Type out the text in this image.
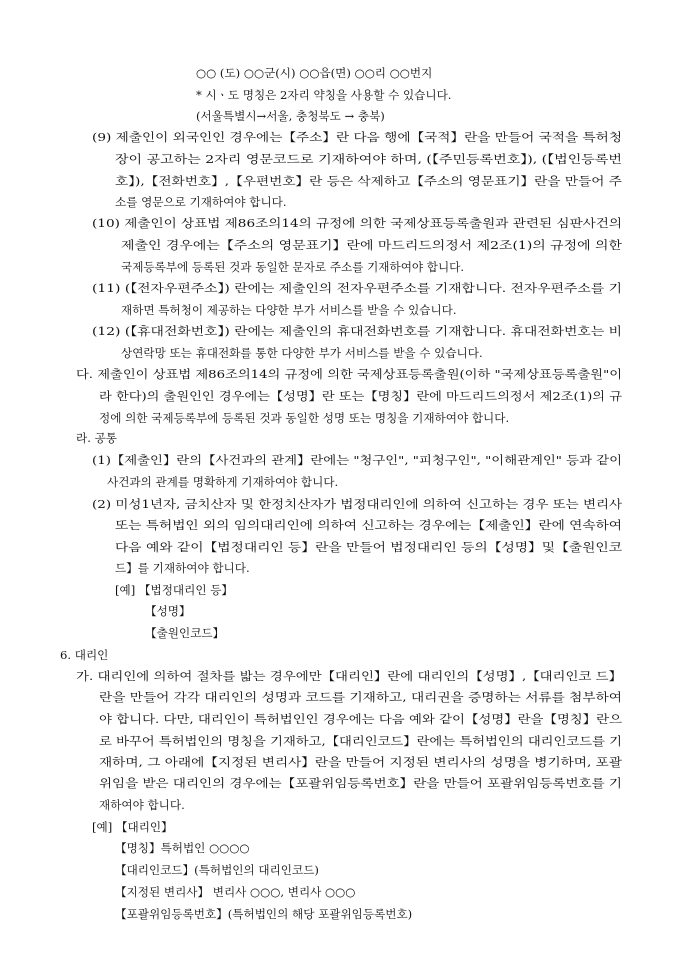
○○ (도) ○○군(시) ○○읍(면) ○○리 ○○번지
* 시ㆍ도 명칭은 2자리 약칭을 사용할 수 있습니다.
(서울특별시→서울, 충청북도 → 충북)
(9) 제출인이 외국인인 경우에는【주소】란 다음 행에【국적】란을 만들어 국적을 특허청
장이 공고하는 2자리 영문코드로 기재하여야 하며, (【주민등록번호】), (【법인등록번
호】),【전화번호】,【우편번호】란 등은 삭제하고【주소의 영문표기】란을 만들어 주
소를 영문으로 기재하여야 합니다.
(10) 제출인이 상표법 제86조의14의 규정에 의한 국제상표등록출원과 관련된 심판사건의
제출인 경우에는【주소의 영문표기】란에 마드리드의정서 제2조(1)의 규정에 의한
국제등록부에 등록된 것과 동일한 문자로 주소를 기재하여야 합니다.
(11) (【전자우편주소】) 란에는 제출인의 전자우편주소를 기재합니다. 전자우편주소를 기
재하면 특허청이 제공하는 다양한 부가 서비스를 받을 수 있습니다.
(12) (【휴대전화번호】) 란에는 제출인의 휴대전화번호를 기재합니다. 휴대전화번호는 비
상연락망 또는 휴대전화를 통한 다양한 부가 서비스를 받을 수 있습니다.
다. 제출인이 상표법 제86조의14의 규정에 의한 국제상표등록출원(이하 "국제상표등록출원"이
라 한다)의 출원인인 경우에는【성명】란 또는【명칭】란에 마드리드의정서 제2조(1)의 규
정에 의한 국제등록부에 등록된 것과 동일한 성명 또는 명칭을 기재하여야 합니다.
라. 공통
(1)【제출인】란의【사건과의 관계】란에는 "청구인", "피청구인", "이해관계인" 등과 같이
사건과의 관계를 명확하게 기재하여야 합니다.
(2) 미성1년자, 금치산자 및 한정치산자가 법정대리인에 의하여 신고하는 경우 또는 변리사
또는 특허법인 외의 임의대리인에 의하여 신고하는 경우에는【제출인】란에 연속하여
다음 예와 같이【법정대리인 등】란을 만들어 법정대리인 등의【성명】및【출원인코
드】를 기재하여야 합니다.
[예] 【법정대리인 등】
【성명】
【출원인코드】
6. 대리인
가. 대리인에 의하여 절차를 밟는 경우에만【대리인】란에 대리인의【성명】,【대리인코 드】
란을 만들어 각각 대리인의 성명과 코드를 기재하고, 대리권을 증명하는 서류를 첨부하여
야 합니다. 다만, 대리인이 특허법인인 경우에는 다음 예와 같이【성명】란을【명칭】란으
로 바꾸어 특허법인의 명칭을 기재하고,【대리인코드】란에는 특허법인의 대리인코드를 기
재하며, 그 아래에【지정된 변리사】란을 만들어 지정된 변리사의 성명을 병기하며, 포괄
위임을 받은 대리인의 경우에는【포괄위임등록번호】란을 만들어 포괄위임등록번호를 기
재하여야 합니다.
[예] 【대리인】
【명칭】특허법인 ○○○○
【대리인코드】(특허법인의 대리인코드)
【지정된 변리사】 변리사 ○○○, 변리사 ○○○
【포괄위임등록번호】(특허법인의 해당 포괄위임등록번호)
